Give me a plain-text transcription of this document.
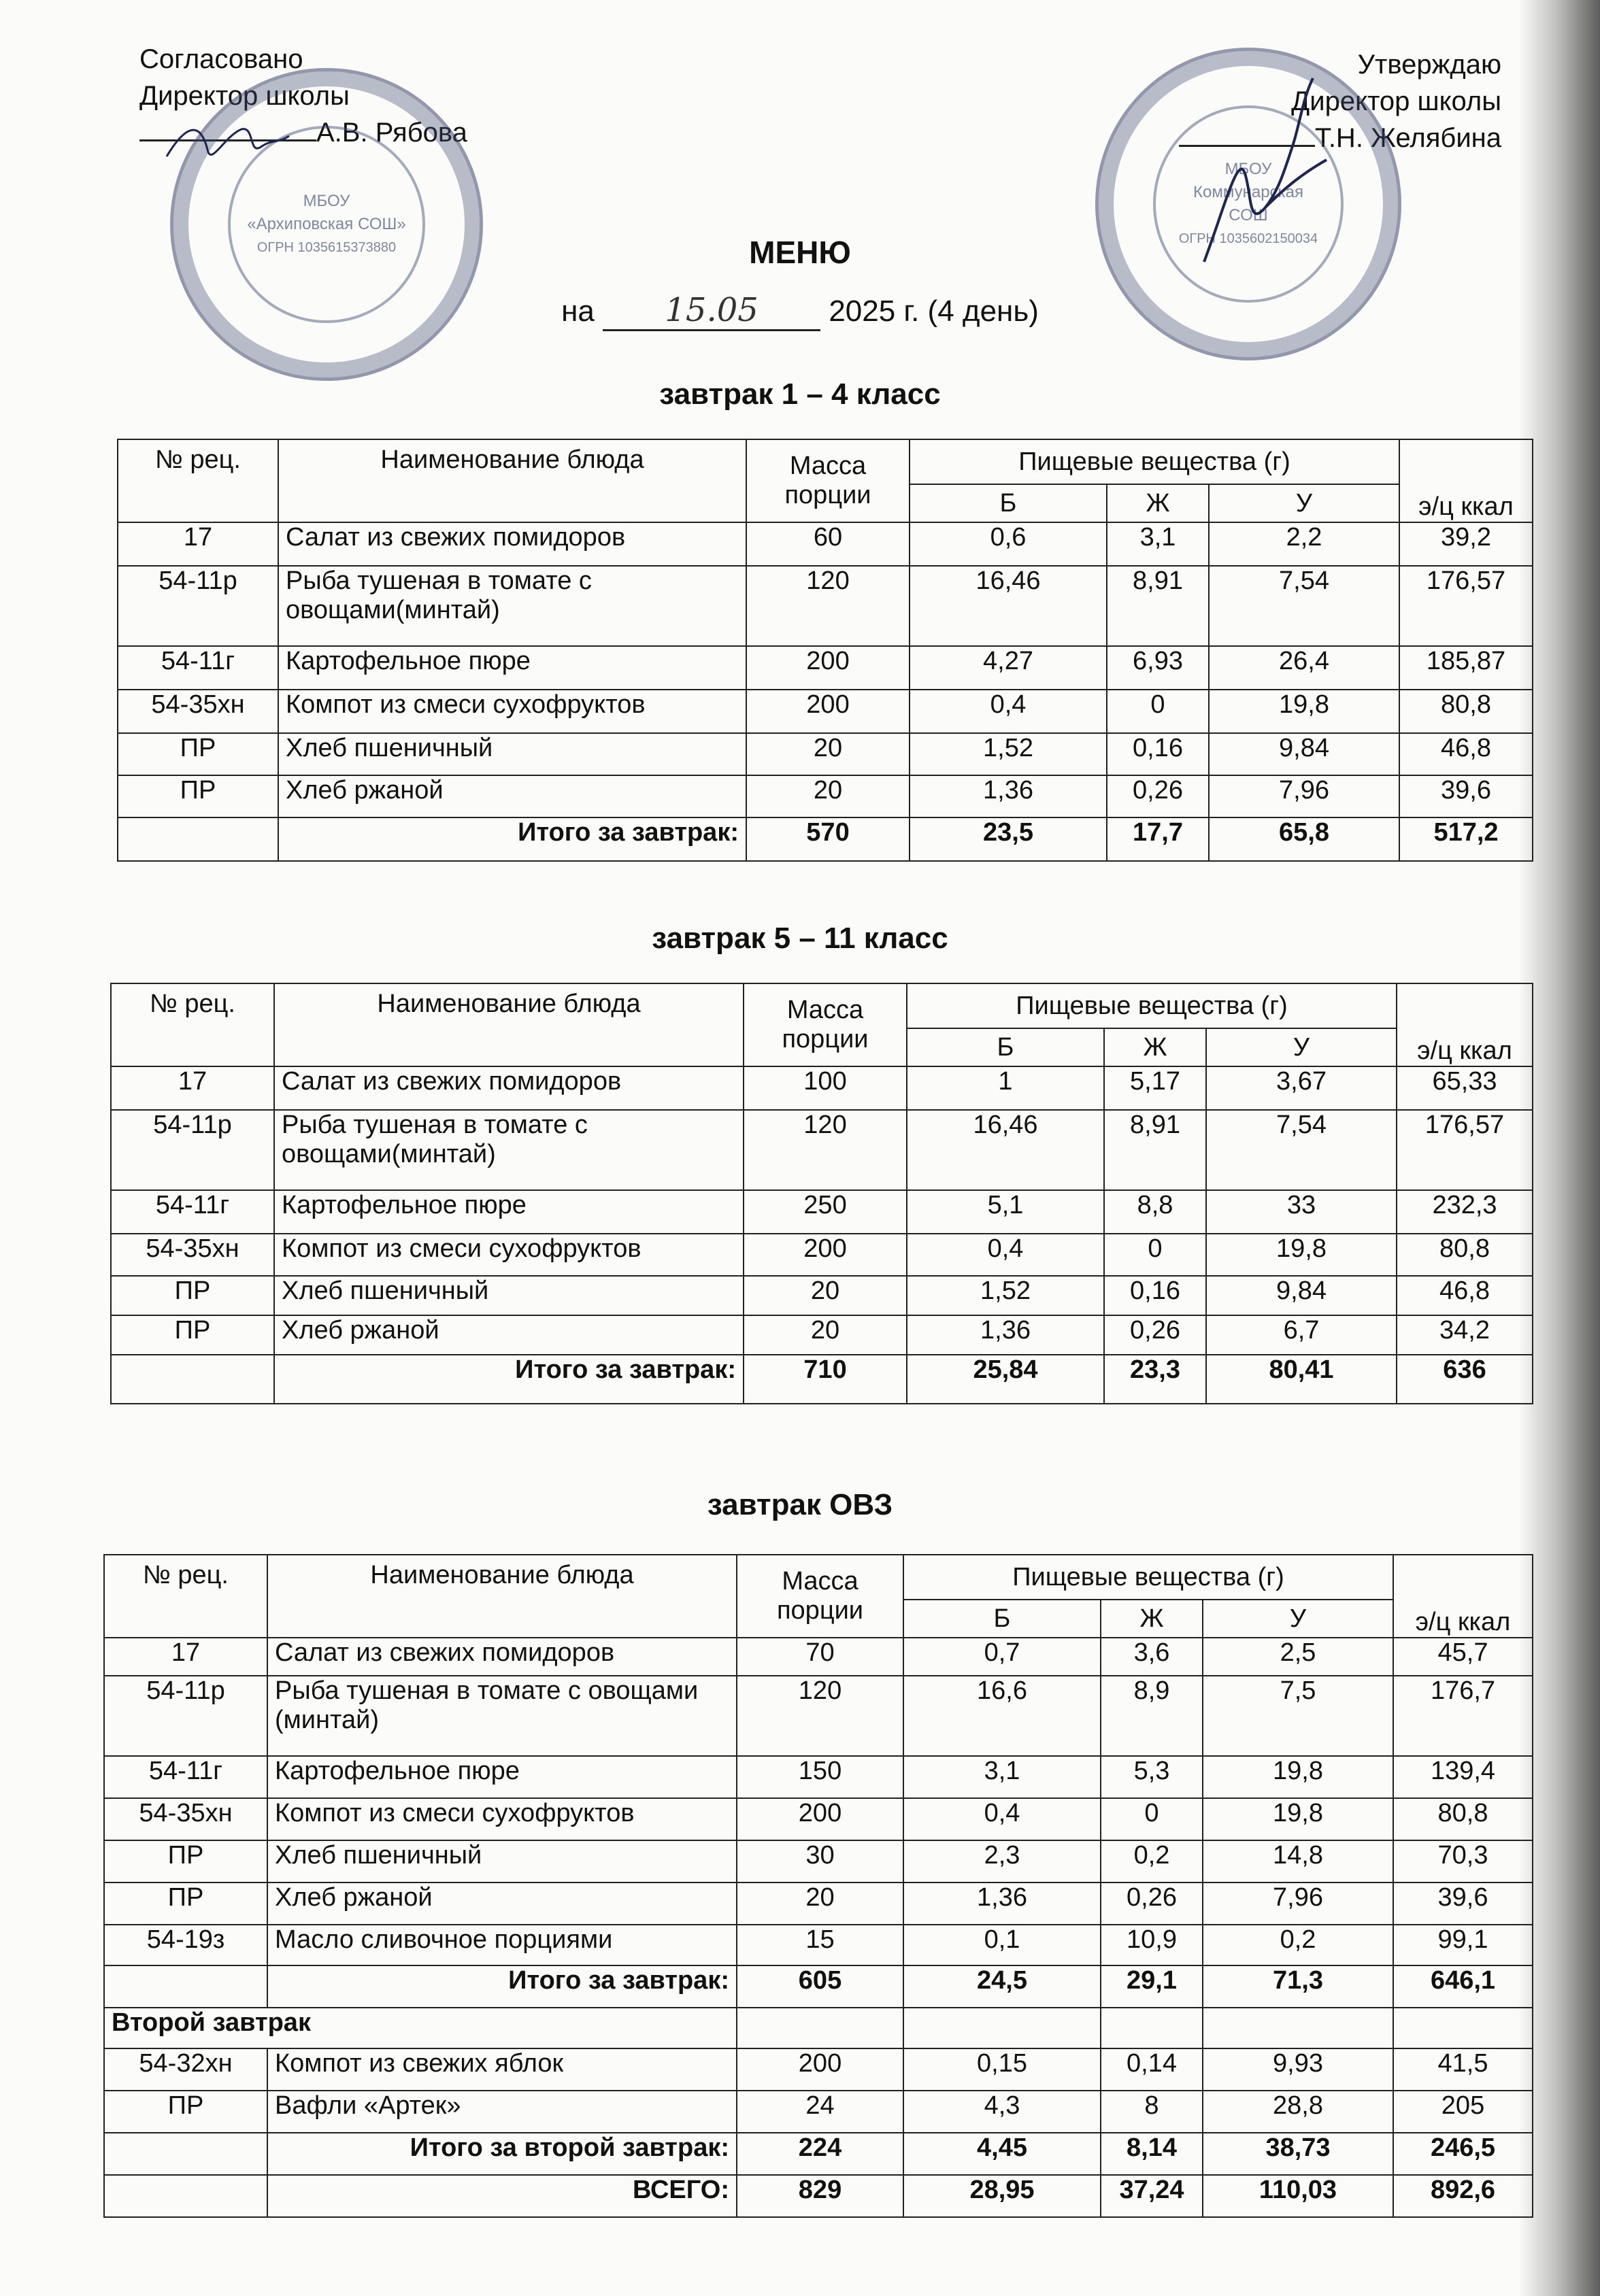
Согласовано
Директор школы
А.В. Рябова
Утверждаю
Директор школы
Т.Н. Желябина
МБОУ
«Архиповская СОШ»
ОГРН 1035615373880
МБОУ
Коммунарская
СОШ
ОГРН 1035602150034
МЕНЮ
на 15.05 2025 г. (4 день)
завтрак 1 – 4 класс
№ рец.	Наименование блюда	Масса порции	Пищевые вещества (г)			э/ц ккал
			Б	Ж	У	
17	Салат из свежих помидоров	60	0,6	3,1	2,2	39,2
54-11р	Рыба тушеная в томате с овощами(минтай)	120	16,46	8,91	7,54	176,57
54-11г	Картофельное пюре	200	4,27	6,93	26,4	185,87
54-35хн	Компот из смеси сухофруктов	200	0,4	0	19,8	80,8
ПР	Хлеб пшеничный	20	1,52	0,16	9,84	46,8
ПР	Хлеб ржаной	20	1,36	0,26	7,96	39,6
	Итого за завтрак:	570	23,5	17,7	65,8	517,2
завтрак 5 – 11 класс
№ рец.	Наименование блюда	Масса порции	Пищевые вещества (г)			э/ц ккал
			Б	Ж	У	
17	Салат из свежих помидоров	100	1	5,17	3,67	65,33
54-11р	Рыба тушеная в томате с овощами(минтай)	120	16,46	8,91	7,54	176,57
54-11г	Картофельное пюре	250	5,1	8,8	33	232,3
54-35хн	Компот из смеси сухофруктов	200	0,4	0	19,8	80,8
ПР	Хлеб пшеничный	20	1,52	0,16	9,84	46,8
ПР	Хлеб ржаной	20	1,36	0,26	6,7	34,2
	Итого за завтрак:	710	25,84	23,3	80,41	636
завтрак ОВЗ
№ рец.	Наименование блюда	Масса порции	Пищевые вещества (г)			э/ц ккал
			Б	Ж	У	
17	Салат из свежих помидоров	70	0,7	3,6	2,5	45,7
54-11р	Рыба тушеная в томате с овощами (минтай)	120	16,6	8,9	7,5	176,7
54-11г	Картофельное пюре	150	3,1	5,3	19,8	139,4
54-35хн	Компот из смеси сухофруктов	200	0,4	0	19,8	80,8
ПР	Хлеб пшеничный	30	2,3	0,2	14,8	70,3
ПР	Хлеб ржаной	20	1,36	0,26	7,96	39,6
54-19з	Масло сливочное порциями	15	0,1	10,9	0,2	99,1
	Итого за завтрак:	605	24,5	29,1	71,3	646,1
Второй завтрак						
54-32хн	Компот из свежих яблок	200	0,15	0,14	9,93	41,5
ПР	Вафли «Артек»	24	4,3	8	28,8	205
	Итого за второй завтрак:	224	4,45	8,14	38,73	246,5
	ВСЕГО:	829	28,95	37,24	110,03	892,6
